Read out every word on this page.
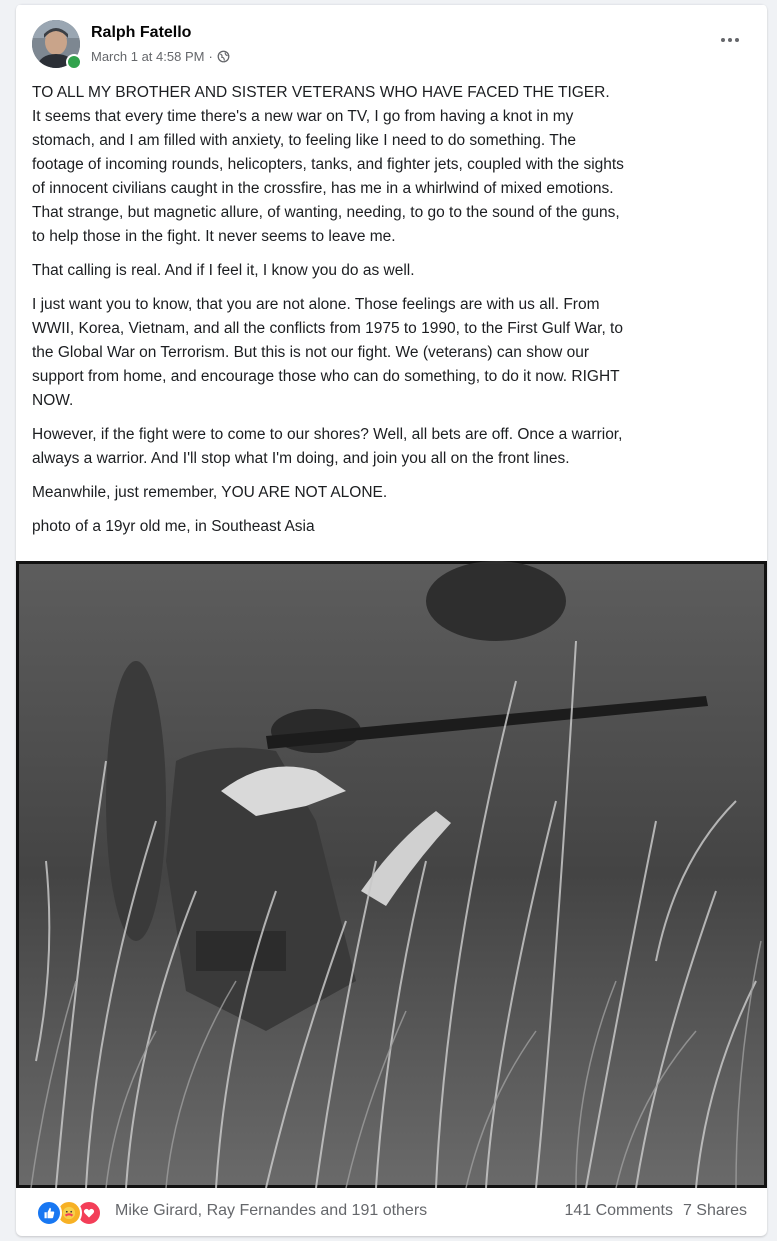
Ralph Fatello
March 1 at 4:58 PM ·

TO ALL MY BROTHER AND SISTER VETERANS WHO HAVE FACED THE TIGER.
It seems that every time there's a new war on TV, I go from having a knot in my
stomach, and I am filled with anxiety, to feeling like I need to do something. The
footage of incoming rounds, helicopters, tanks, and fighter jets, coupled with the sights
of innocent civilians caught in the crossfire, has me in a whirlwind of mixed emotions.
That strange, but magnetic allure, of wanting, needing, to go to the sound of the guns,
to help those in the fight. It never seems to leave me.

That calling is real. And if I feel it, I know you do as well.

I just want you to know, that you are not alone. Those feelings are with us all. From
WWII, Korea, Vietnam, and all the conflicts from 1975 to 1990, to the First Gulf War, to
the Global War on Terrorism. But this is not our fight. We (veterans) can show our
support from home, and encourage those who can do something, to do it now. RIGHT
NOW.

However, if the fight were to come to our shores? Well, all bets are off. Once a warrior,
always a warrior. And I'll stop what I'm doing, and join you all on the front lines.

Meanwhile, just remember, YOU ARE NOT ALONE.

photo of a 19yr old me, in Southeast Asia

Mike Girard, Ray Fernandes and 191 others	141 Comments 7 Shares
